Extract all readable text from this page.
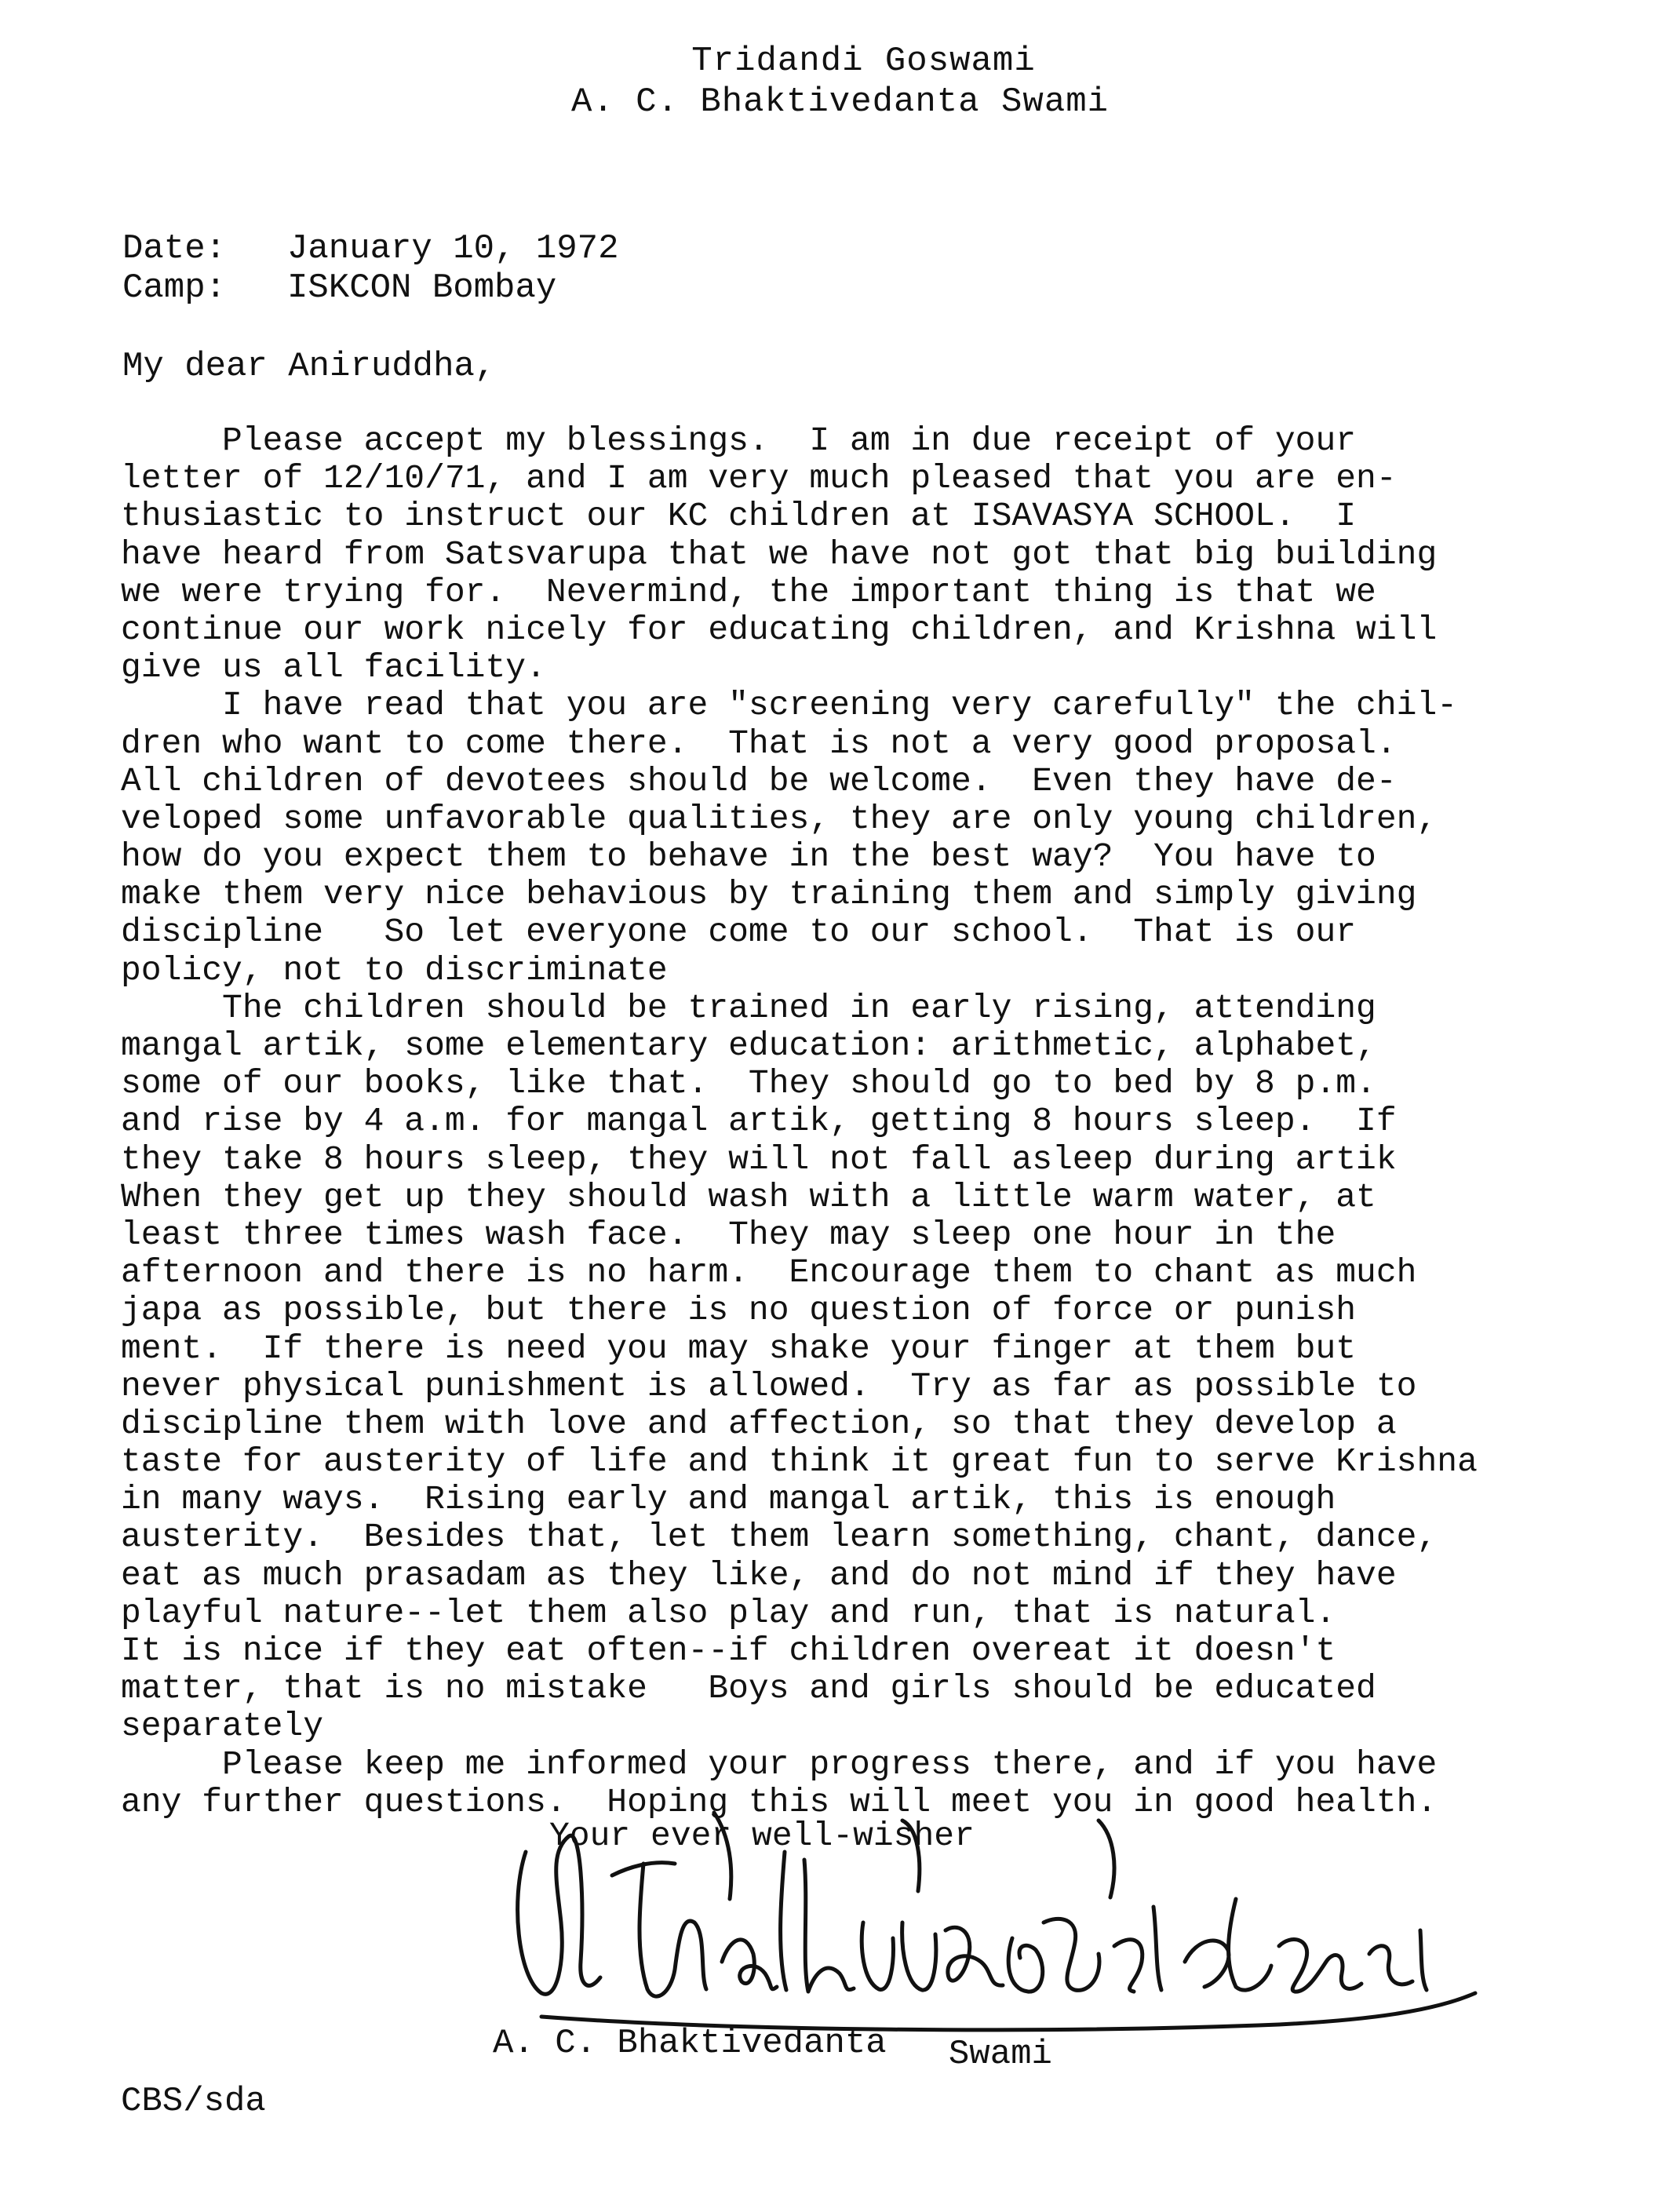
Tridandi Goswami
A. C. Bhaktivedanta Swami
Date: January 10, 1972
Camp: ISKCON Bombay
My dear Aniruddha,
Please accept my blessings.  I am in due receipt of your
letter of 12/10/71, and I am very much pleased that you are en-
thusiastic to instruct our KC children at ISAVASYA SCHOOL.  I
have heard from Satsvarupa that we have not got that big building
we were trying for.  Nevermind, the important thing is that we
continue our work nicely for educating children, and Krishna will
give us all facility.
I have read that you are "screening very carefully" the chil-
dren who want to come there.  That is not a very good proposal.
All children of devotees should be welcome.  Even they have de-
veloped some unfavorable qualities, they are only young children,
how do you expect them to behave in the best way?  You have to
make them very nice behavious by training them and simply giving
discipline   So let everyone come to our school.  That is our
policy, not to discriminate
The children should be trained in early rising, attending
mangal artik, some elementary education: arithmetic, alphabet,
some of our books, like that.  They should go to bed by 8 p.m.
and rise by 4 a.m. for mangal artik, getting 8 hours sleep.  If
they take 8 hours sleep, they will not fall asleep during artik
When they get up they should wash with a little warm water, at
least three times wash face.  They may sleep one hour in the
afternoon and there is no harm.  Encourage them to chant as much
japa as possible, but there is no question of force or punish
ment.  If there is need you may shake your finger at them but
never physical punishment is allowed.  Try as far as possible to
discipline them with love and affection, so that they develop a
taste for austerity of life and think it great fun to serve Krishna
in many ways.  Rising early and mangal artik, this is enough
austerity.  Besides that, let them learn something, chant, dance,
eat as much prasadam as they like, and do not mind if they have
playful nature--let them also play and run, that is natural.
It is nice if they eat often--if children overeat it doesn't
matter, that is no mistake   Boys and girls should be educated
separately
Please keep me informed your progress there, and if you have
any further questions.  Hoping this will meet you in good health.
Your ever well-wisher
A. C. Bhaktivedanta Swami
CBS/sda
